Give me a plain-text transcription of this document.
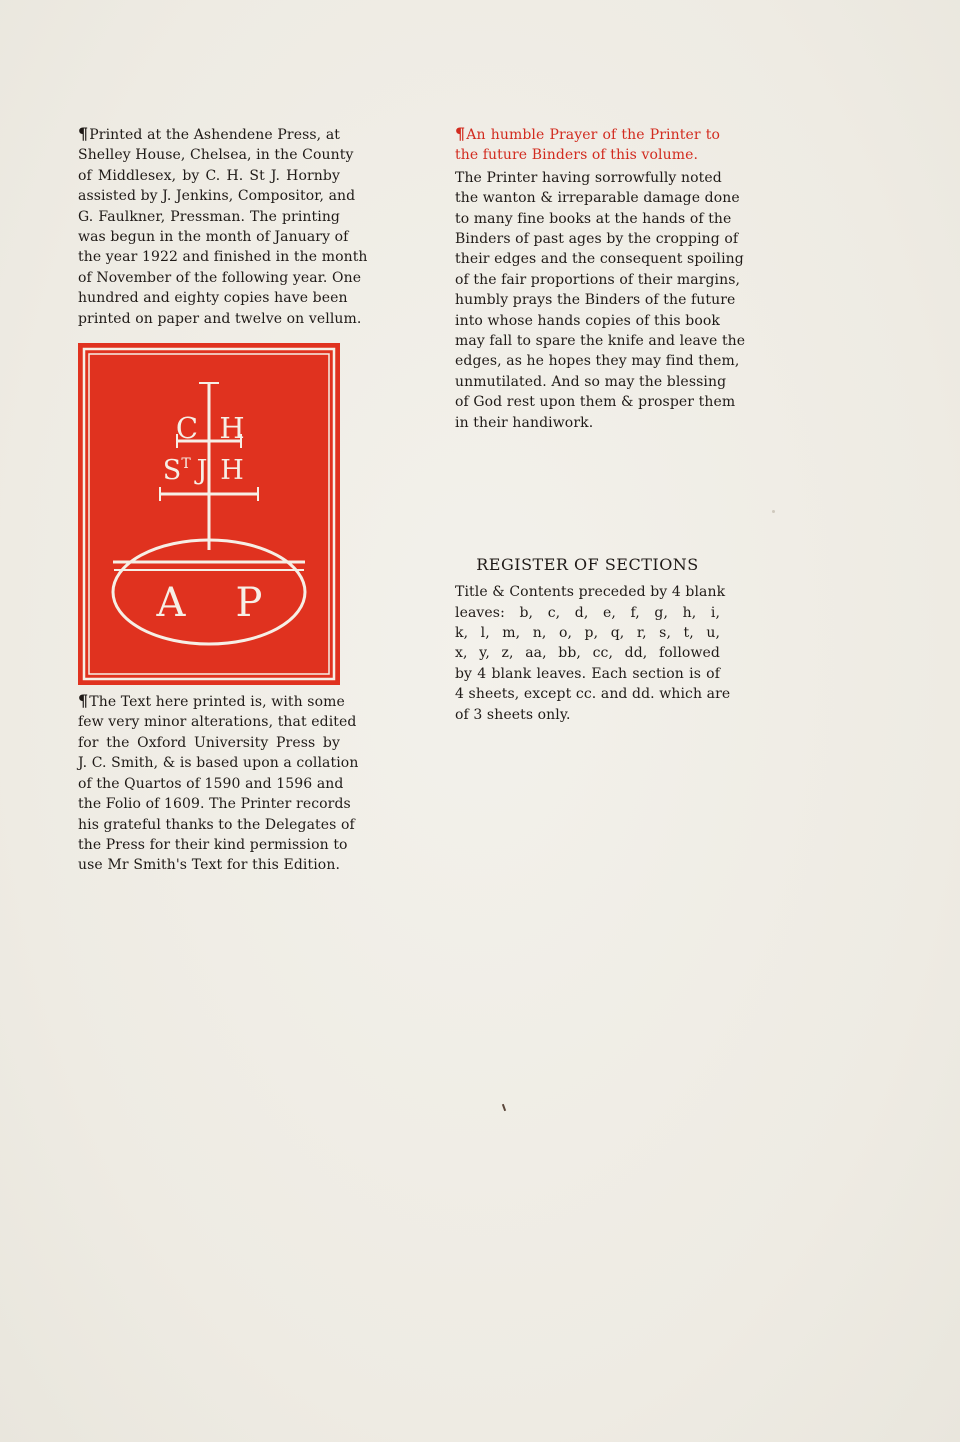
¶Printed at the Ashendene Press, at
Shelley House, Chelsea, in the County
of Middlesex, by C. H. St J. Hornby
assisted by J. Jenkins, Compositor, and
G. Faulkner, Pressman. The printing
was begun in the month of January of
the year 1922 and finished in the month
of November of the following year. One
hundred and eighty copies have been
printed on paper and twelve on vellum.

C H
S T J H
A P

¶The Text here printed is, with some
few very minor alterations, that edited
for the Oxford University Press by
J. C. Smith, & is based upon a collation
of the Quartos of 1590 and 1596 and
the Folio of 1609. The Printer records
his grateful thanks to the Delegates of
the Press for their kind permission to
use Mr Smith's Text for this Edition.

¶An humble Prayer of the Printer to
the future Binders of this volume.

The Printer having sorrowfully noted
the wanton & irreparable damage done
to many fine books at the hands of the
Binders of past ages by the cropping of
their edges and the consequent spoiling
of the fair proportions of their margins,
humbly prays the Binders of the future
into whose hands copies of this book
may fall to spare the knife and leave the
edges, as he hopes they may find them,
unmutilated. And so may the blessing
of God rest upon them & prosper them
in their handiwork.

REGISTER OF SECTIONS

Title & Contents preceded by 4 blank
leaves: b, c, d, e, f, g, h, i,
k, l, m, n, o, p, q, r, s, t, u,
x, y, z, aa, bb, cc, dd, followed
by 4 blank leaves. Each section is of
4 sheets, except cc. and dd. which are
of 3 sheets only.
